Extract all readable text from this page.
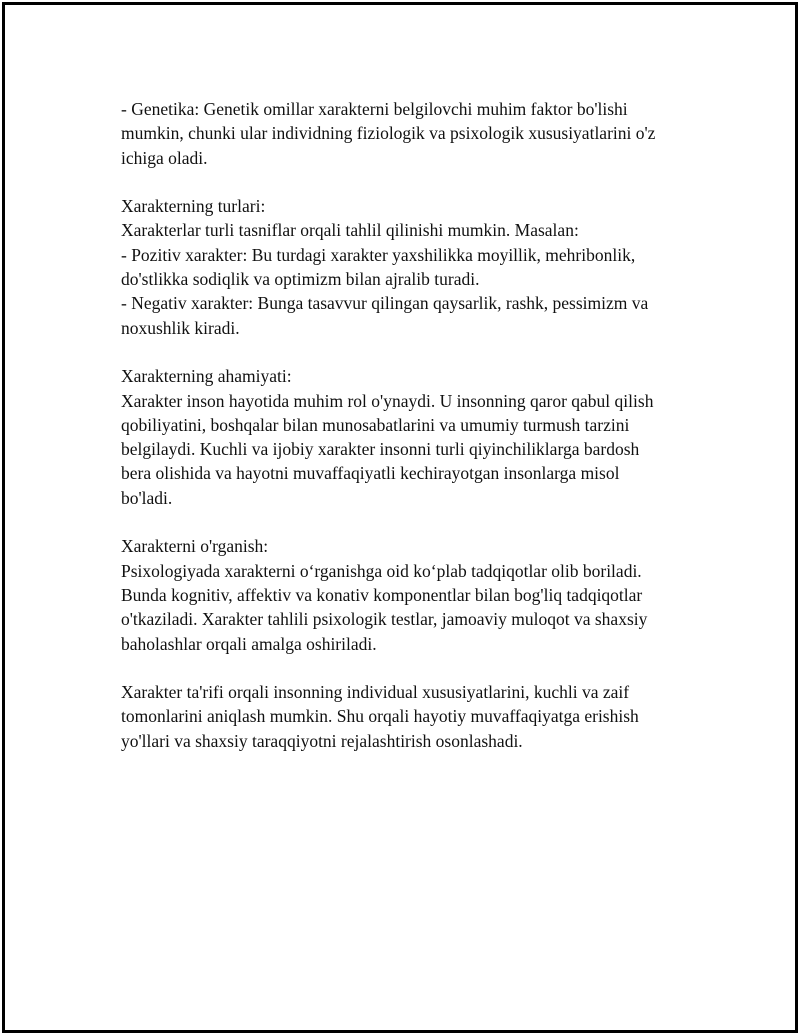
- Genetika: Genetik omillar xarakterni belgilovchi muhim faktor bo'lishi
mumkin, chunki ular individning fiziologik va psixologik xususiyatlarini o'z
ichiga oladi.
Xarakterning turlari:
Xarakterlar turli tasniflar orqali tahlil qilinishi mumkin. Masalan:
- Pozitiv xarakter: Bu turdagi xarakter yaxshilikka moyillik, mehribonlik,
do'stlikka sodiqlik va optimizm bilan ajralib turadi.
- Negativ xarakter: Bunga tasavvur qilingan qaysarlik, rashk, pessimizm va
noxushlik kiradi.
Xarakterning ahamiyati:
Xarakter inson hayotida muhim rol o'ynaydi. U insonning qaror qabul qilish
qobiliyatini, boshqalar bilan munosabatlarini va umumiy turmush tarzini
belgilaydi. Kuchli va ijobiy xarakter insonni turli qiyinchiliklarga bardosh
bera olishida va hayotni muvaffaqiyatli kechirayotgan insonlarga misol
bo'ladi.
Xarakterni o'rganish:
Psixologiyada xarakterni o‘rganishga oid ko‘plab tadqiqotlar olib boriladi.
Bunda kognitiv, affektiv va konativ komponentlar bilan bog'liq tadqiqotlar
o'tkaziladi. Xarakter tahlili psixologik testlar, jamoaviy muloqot va shaxsiy
baholashlar orqali amalga oshiriladi.
Xarakter ta'rifi orqali insonning individual xususiyatlarini, kuchli va zaif
tomonlarini aniqlash mumkin. Shu orqali hayotiy muvaffaqiyatga erishish
yo'llari va shaxsiy taraqqiyotni rejalashtirish osonlashadi.
